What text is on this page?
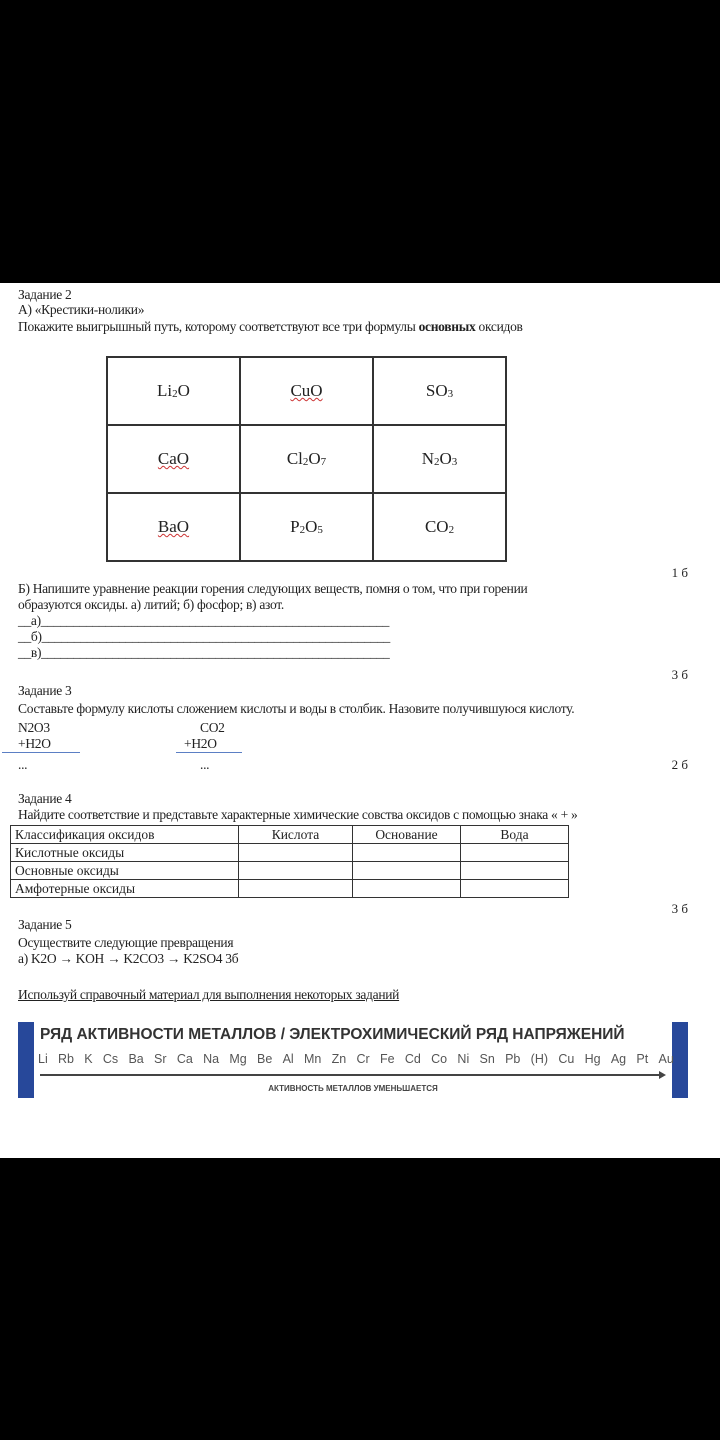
Задание 2
А) «Крестики-нолики»
Покажите выигрышный путь, которому соответствуют все три формулы основных оксидов
$Li_2O$	CuO	$SO_3$
CaO	$Cl_2O_7$	$N_2O_3$
BaO	$P_2O_5$	$CO_2$
1 б
Б) Напишите уравнение реакции горения следующих веществ, помня о том, что при горении
образуются оксиды. а) литий; б) фосфор; в) азот.
__а)______________________________________________________
__б)______________________________________________________
__в)______________________________________________________
3 б
Задание 3
Составьте формулу кислоты сложением кислоты и воды в столбик. Назовите получившуюся кислоту.
N2O3
+H2O
...
CO2
+H2O
...	2 б
Задание 4
Найдите соответствие и представьте характерные химические совства оксидов с помощью знака « + »
Классификация оксидов	Кислота	Основание	Вода
Кислотные оксиды			
Основные оксиды			
Амфотерные оксиды			
3 б
Задание 5
Осуществите следующие превращения
а) K2O → KOH → K2CO3 → K2SO4 3б
Используй справочный материал для выполнения некоторых заданий
РЯД АКТИВНОСТИ МЕТАЛЛОВ / ЭЛЕКТРОХИМИЧЕСКИЙ РЯД НАПРЯЖЕНИЙ
Li Rb K Cs Ba Sr Ca Na Mg Be Al Mn Zn Cr Fe Cd Co Ni Sn Pb (H) Cu Hg Ag Pt Au
АКТИВНОСТЬ МЕТАЛЛОВ УМЕНЬШАЕТСЯ
